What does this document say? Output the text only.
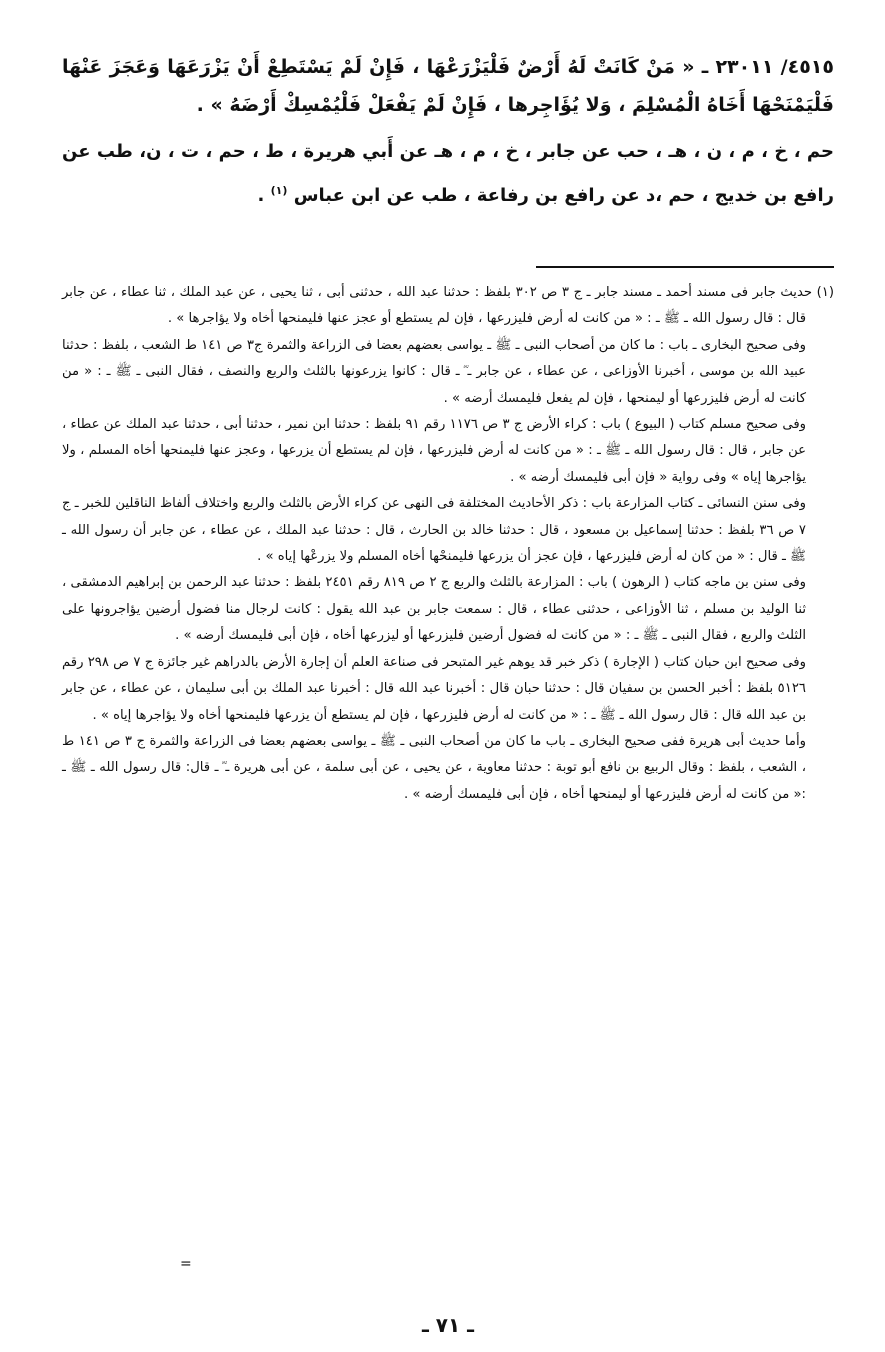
٤٥١٥/ ٢٣٠١١ ـ « مَنْ كَانَتْ لَهُ أَرْضٌ فَلْيَزْرَعْهَا ، فَإِنْ لَمْ يَسْتَطِعْ أَنْ يَزْرَعَهَا وَعَجَزَ عَنْهَا فَلْيَمْنَحْهَا أَخَاهُ الْمُسْلِمَ ، وَلا يُؤَاجِرها ، فَإِنْ لَمْ يَفْعَلْ فَلْيُمْسِكْ أَرْضَهُ » .

حم ، خ ، م ، ن ، هـ ، حب عن جابر ، خ ، م ، هـ عن أَبي هريرة ، ط ، حم ، ت ، ن، طب عن رافع بن خديج ، حم ،د عن رافع بن رفاعة ، طب عن ابن عباس $^{(١)}$ .

(١) حديث جابر فى مسند أحمد ـ مسند جابر ـ ج ٣ ص ٣٠٢ بلفظ : حدثنا عبد الله ، حدثنى أبى ، ثنا يحيى ، عن عبد الملك ، ثنا عطاء ، عن جابر قال : قال رسول الله ـ ﷺ ـ : « من كانت له أرض فليزرعها ، فإن لم يستطع أو عجز عنها فليمنحها أخاه ولا يؤاجرها » .

وفى صحيح البخارى ـ باب : ما كان من أصحاب النبى ـ ﷺ ـ يواسى بعضهم بعضا فى الزراعة والثمرة ج٣ ص ١٤١ ط الشعب ، بلفظ : حدثنا عبيد الله بن موسى ، أخبرنا الأوزاعى ، عن عطاء ، عن جابر ـ ؓ ـ قال : كانوا يزرعونها بالثلث والربع والنصف ، فقال النبى ـ ﷺ ـ : « من كانت له أرض فليزرعها أو ليمنحها ، فإن لم يفعل فليمسك أرضه » .

وفى صحيح مسلم كتاب ( البيوع ) باب : كراء الأرض ج ٣ ص ١١٧٦ رقم ٩١ بلفظ : حدثنا ابن نمير ، حدثنا أبى ، حدثنا عبد الملك عن عطاء ، عن جابر ، قال : قال رسول الله ـ ﷺ ـ : « من كانت له أرض فليزرعها ، فإن لم يستطع أن يزرعها ، وعجز عنها فليمنحها أخاه المسلم ، ولا يؤاجرها إياه » وفى رواية « فإن أبى فليمسك أرضه » .

وفى سنن النسائى ـ كتاب المزارعة باب : ذكر الأحاديث المختلفة فى النهى عن كراء الأرض بالثلث والربع واختلاف ألفاظ الناقلين للخبر ـ ج ٧ ص ٣٦ بلفظ : حدثنا إسماعيل بن مسعود ، قال : حدثنا خالد بن الحارث ، قال : حدثنا عبد الملك ، عن عطاء ، عن جابر أن رسول الله ـ ﷺ ـ قال : « من كان له أرض فليزرعها ، فإن عجز أن يزرعها فليمنحْها أخاه المسلم ولا يزرعْها إياه » .

وفى سنن بن ماجه كتاب ( الرهون ) باب : المزارعة بالثلث والربع ج ٢ ص ٨١٩ رقم ٢٤٥١ بلفظ : حدثنا عبد الرحمن بن إبراهيم الدمشقى ، ثنا الوليد بن مسلم ، ثنا الأوزاعى ، حدثنى عطاء ، قال : سمعت جابر بن عبد الله يقول : كانت لرجال منا فضول أرضين يؤاجرونها على الثلث والربع ، فقال النبى ـ ﷺ ـ : « من كانت له فضول أرضين فليزرعها أو ليزرعها أخاه ، فإن أبى فليمسك أرضه » .

وفى صحيح ابن حبان كتاب ( الإجارة ) ذكر خبر قد يوهم غير المتبحر فى صناعة العلم أن إجارة الأرض بالدراهم غير جائزة ج ٧ ص ٢٩٨ رقم ٥١٢٦ بلفظ : أخبر الحسن بن سفيان قال : حدثنا حبان قال : أخبرنا عبد الله قال : أخبرنا عبد الملك بن أبى سليمان ، عن عطاء ، عن جابر بن عبد الله قال : قال رسول الله ـ ﷺ ـ : « من كانت له أرض فليزرعها ، فإن لم يستطع أن يزرعها فليمنحها أخاه ولا يؤاجرها إياه » .

وأما حديث أبى هريرة ففى صحيح البخارى ـ باب ما كان من أصحاب النبى ـ ﷺ ـ يواسى بعضهم بعضا فى الزراعة والثمرة ج ٣ ص ١٤١ ط ، الشعب ، بلفظ : وقال الربيع بن نافع أبو توبة : حدثنا معاوية ، عن يحيى ، عن أبى سلمة ، عن أبى هريرة ـ ؓ ـ قال: قال رسول الله ـ ﷺ ـ :« من كانت له أرض فليزرعها أو ليمنحها أخاه ، فإن أبى فليمسك أرضه » .

=
ـ ٧١ ـ
